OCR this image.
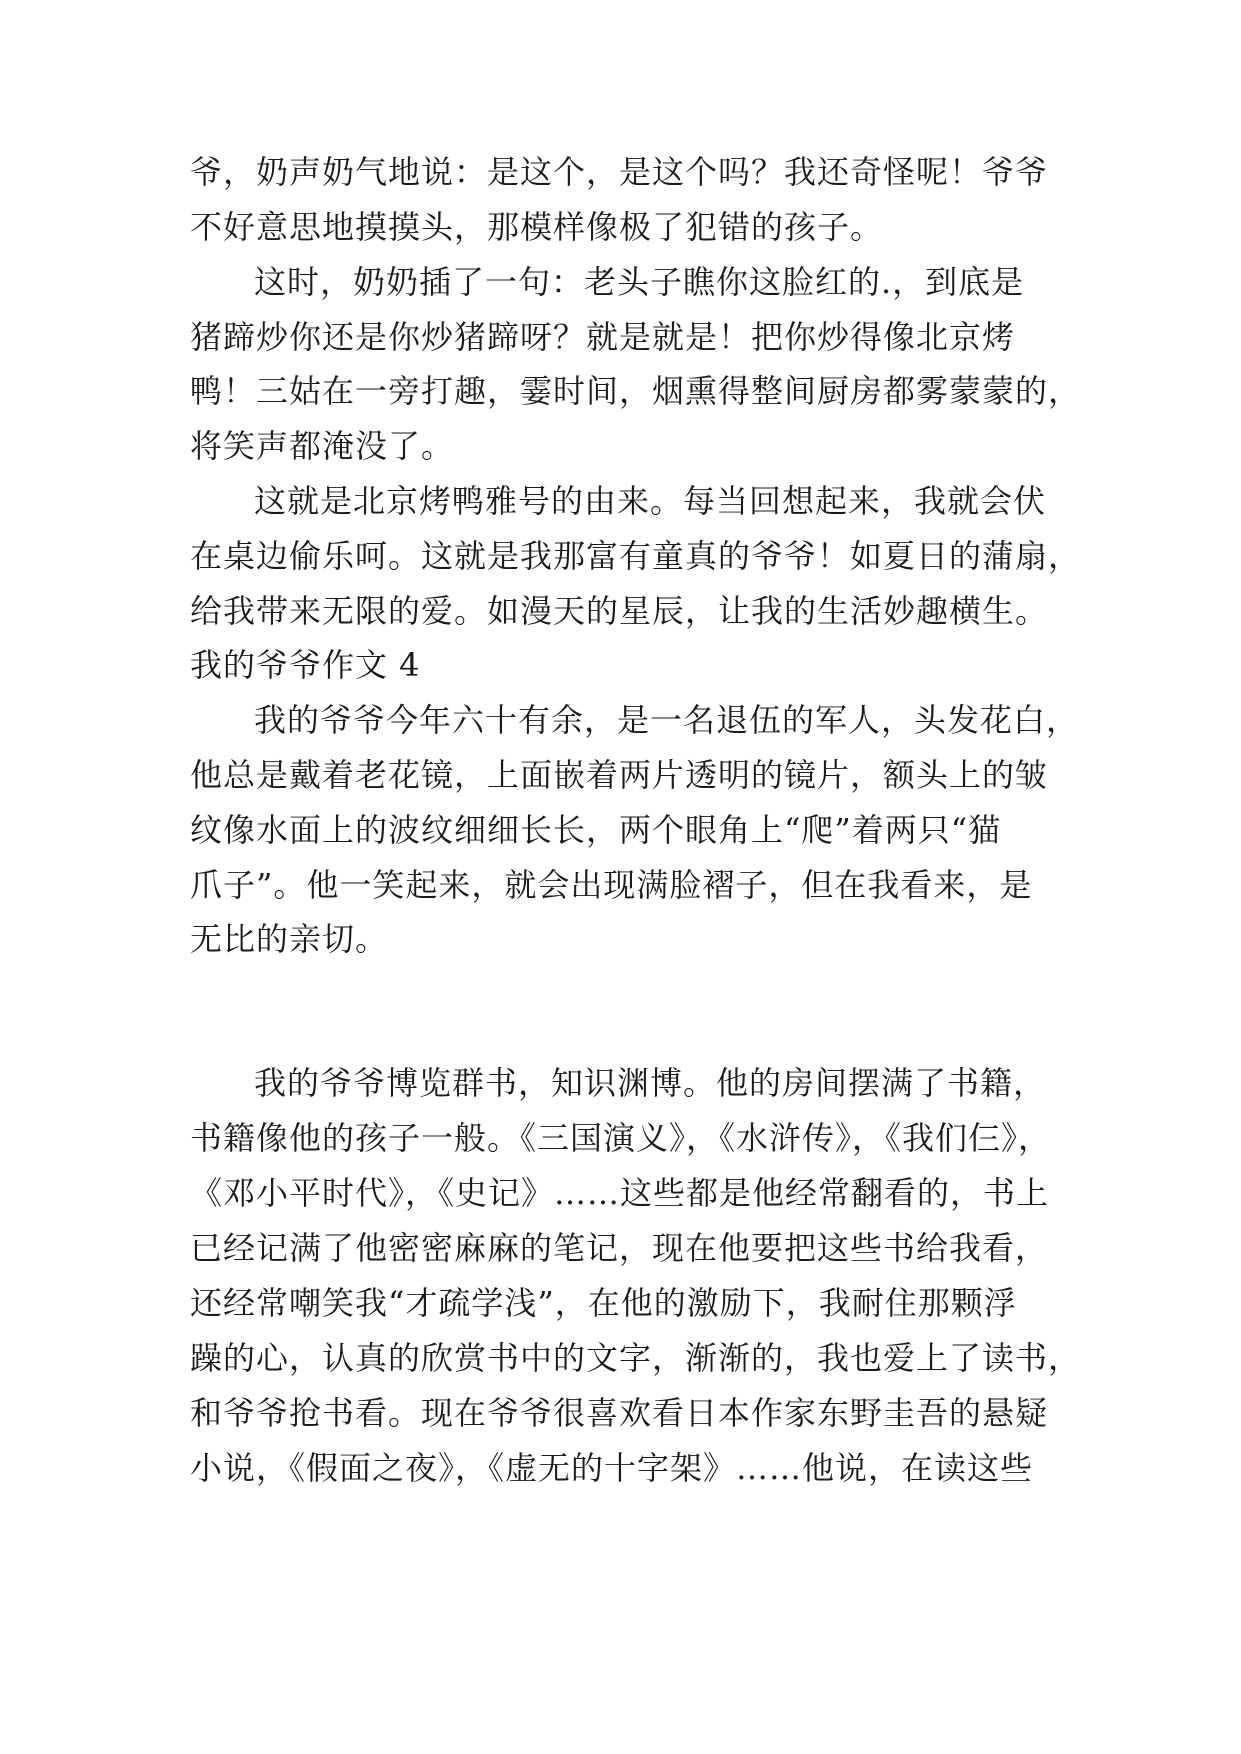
爷，奶声奶气地说：是这个，是这个吗？我还奇怪呢！爷爷
不好意思地摸摸头，那模样像极了犯错的孩子。
这时，奶奶插了一句：老头子瞧你这脸红的.，到底是
猪蹄炒你还是你炒猪蹄呀？就是就是！把你炒得像北京烤
鸭！三姑在一旁打趣，霎时间，烟熏得整间厨房都雾蒙蒙的，
将笑声都淹没了。
这就是北京烤鸭雅号的由来。每当回想起来，我就会伏
在桌边偷乐呵。这就是我那富有童真的爷爷！如夏日的蒲扇，
给我带来无限的爱。如漫天的星辰，让我的生活妙趣横生。
我的爷爷作文 4
我的爷爷今年六十有余，是一名退伍的军人，头发花白，
他总是戴着老花镜，上面嵌着两片透明的镜片，额头上的皱
纹像水面上的波纹细细长长，两个眼角上“爬”着两只“猫
爪子”。他一笑起来，就会出现满脸褶子，但在我看来，是
无比的亲切。
我的爷爷博览群书，知识渊博。他的房间摆满了书籍，
书籍像他的孩子一般。《三国演义》，《水浒传》，《我们仨》，
《邓小平时代》，《史记》……这些都是他经常翻看的，书上
已经记满了他密密麻麻的笔记，现在他要把这些书给我看，
还经常嘲笑我“才疏学浅”，在他的激励下，我耐住那颗浮
躁的心，认真的欣赏书中的文字，渐渐的，我也爱上了读书，
和爷爷抢书看。现在爷爷很喜欢看日本作家东野圭吾的悬疑
小说，《假面之夜》，《虚无的十字架》……他说，在读这些
